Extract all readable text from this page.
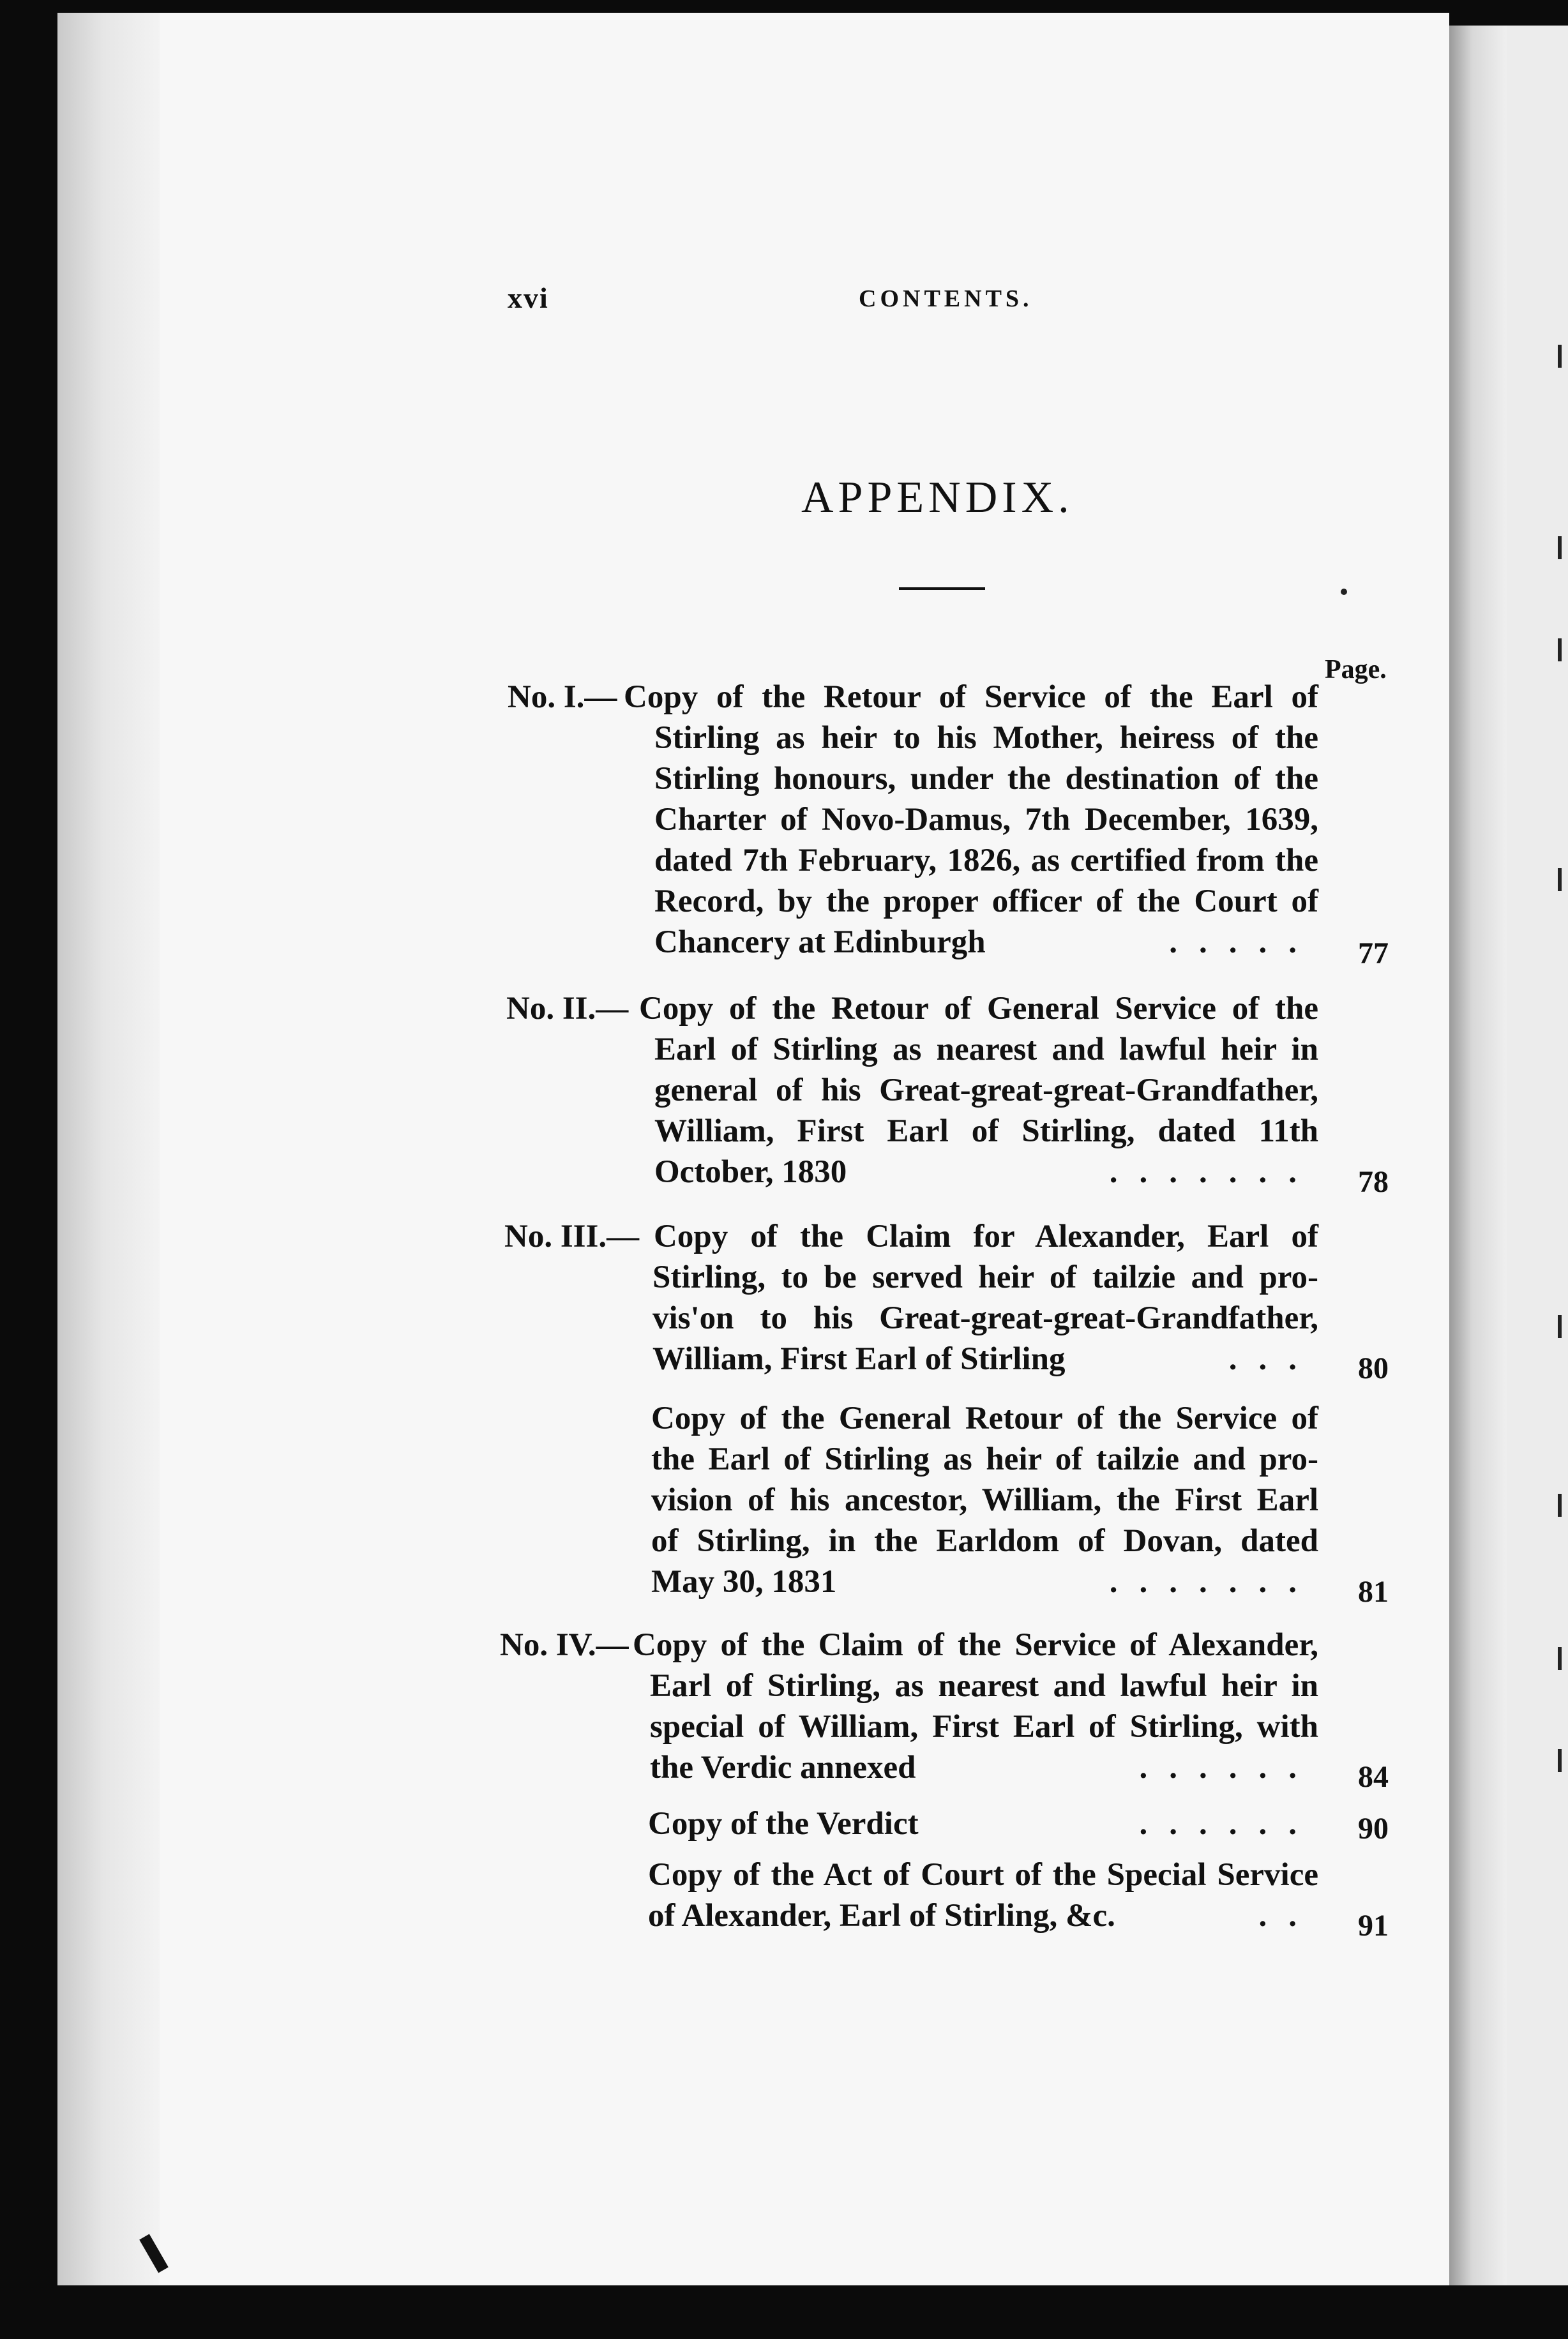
xvi	CONTENTS.
APPENDIX.
Page.
No. I.— Copy of the Retour of Service of the Earl of
Stirling as heir to his Mother, heiress of the
Stirling honours, under the destination of the
Charter of Novo-Damus, 7th December, 1639,
dated 7th February, 1826, as certified from the
Record, by the proper officer of the Court of
Chancery at Edinburgh	.....	77
No. II.— Copy of the Retour of General Service of the
Earl of Stirling as nearest and lawful heir in
general of his Great-great-great-Grandfather,
William, First Earl of Stirling, dated 11th
October, 1830	.......	78
No. III.— Copy of the Claim for Alexander, Earl of
Stirling, to be served heir of tailzie and pro-
vis'on to his Great-great-great-Grandfather,
William, First Earl of Stirling	...	80
Copy of the General Retour of the Service of
the Earl of Stirling as heir of tailzie and pro-
vision of his ancestor, William, the First Earl
of Stirling, in the Earldom of Dovan, dated
May 30, 1831	.......	81
No. IV.— Copy of the Claim of the Service of Alexander,
Earl of Stirling, as nearest and lawful heir in
special of William, First Earl of Stirling, with
the Verdic annexed	......	84
Copy of the Verdict	......	90
Copy of the Act of Court of the Special Service
of Alexander, Earl of Stirling, &c.	..	91
